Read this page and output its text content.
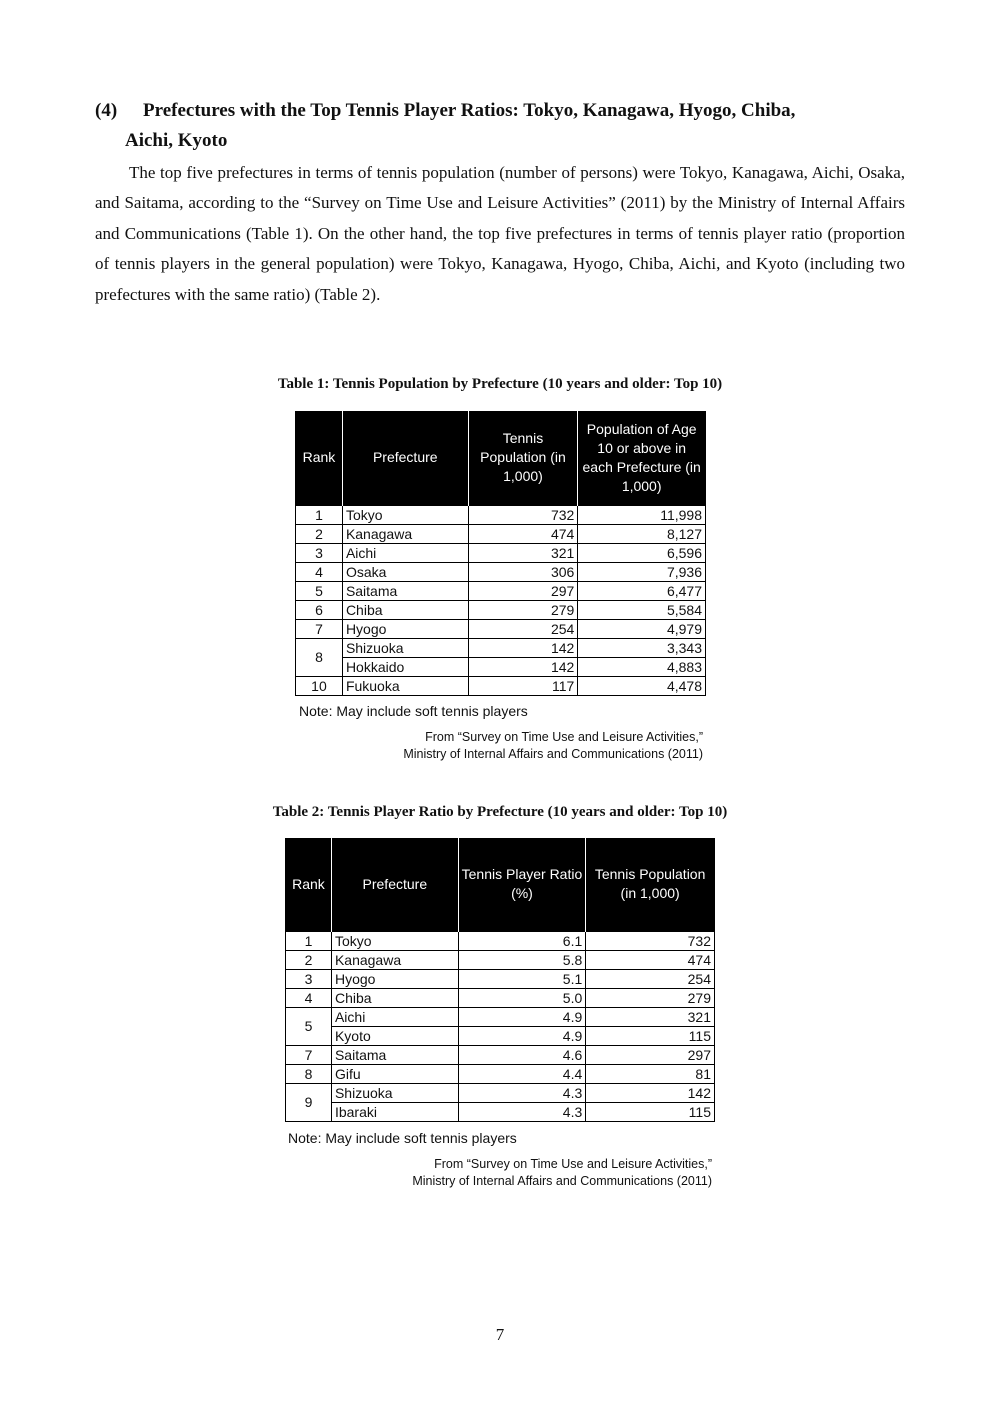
(4) Prefectures with the Top Tennis Player Ratios: Tokyo, Kanagawa, Hyogo, Chiba,
Aichi, Kyoto
The top five prefectures in terms of tennis population (number of persons) were Tokyo, Kanagawa, Aichi, Osaka, and Saitama, according to the “Survey on Time Use and Leisure Activities” (2011) by the Ministry of Internal Affairs and Communications (Table 1). On the other hand, the top five prefectures in terms of tennis player ratio (proportion of tennis players in the general population) were Tokyo, Kanagawa, Hyogo, Chiba, Aichi, and Kyoto (including two prefectures with the same ratio) (Table 2).
Table 1: Tennis Population by Prefecture (10 years and older: Top 10)
Rank	Prefecture	Tennis Population (in 1,000)	Population of Age 10 or above in each Prefecture (in 1,000)
1	Tokyo	732	11,998
2	Kanagawa	474	8,127
3	Aichi	321	6,596
4	Osaka	306	7,936
5	Saitama	297	6,477
6	Chiba	279	5,584
7	Hyogo	254	4,979
8	Shizuoka	142	3,343
	Hokkaido	142	4,883
10	Fukuoka	117	4,478
Note: May include soft tennis players
From “Survey on Time Use and Leisure Activities,”
Ministry of Internal Affairs and Communications (2011)
Table 2: Tennis Player Ratio by Prefecture (10 years and older: Top 10)
Rank	Prefecture	Tennis Player Ratio (%)	Tennis Population (in 1,000)
1	Tokyo	6.1	732
2	Kanagawa	5.8	474
3	Hyogo	5.1	254
4	Chiba	5.0	279
5	Aichi	4.9	321
	Kyoto	4.9	115
7	Saitama	4.6	297
8	Gifu	4.4	81
9	Shizuoka	4.3	142
	Ibaraki	4.3	115
Note: May include soft tennis players
From “Survey on Time Use and Leisure Activities,”
Ministry of Internal Affairs and Communications (2011)
7
